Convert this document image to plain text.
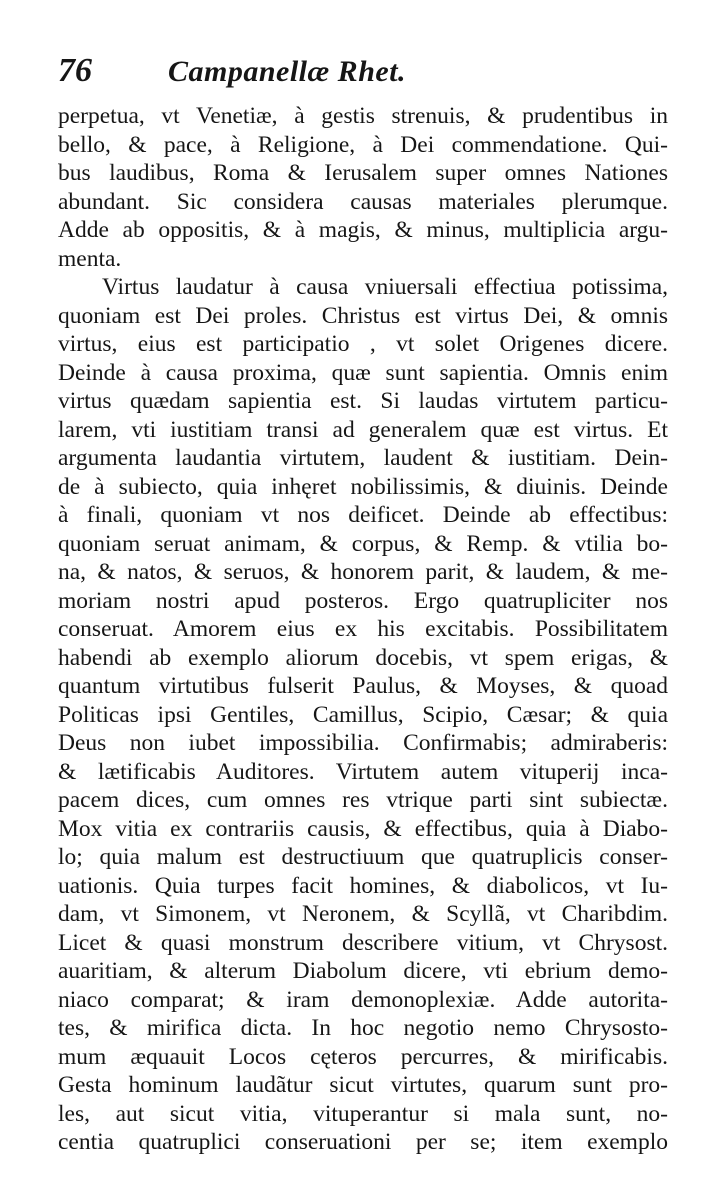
76	Campanellæ Rhet.
perpetua, vt Venetiæ, à gestis strenuis, & prudentibus in
bello, & pace, à Religione, à Dei commendatione. Qui-
bus laudibus, Roma & Ierusalem super omnes Nationes
abundant. Sic considera causas materiales plerumque.
Adde ab oppositis, & à magis, & minus, multiplicia argu-
menta.
Virtus laudatur à causa vniuersali effectiua potissima,
quoniam est Dei proles. Christus est virtus Dei, & omnis
virtus, eius est participatio , vt solet Origenes dicere.
Deinde à causa proxima, quæ sunt sapientia. Omnis enim
virtus quædam sapientia est. Si laudas virtutem particu-
larem, vti iustitiam transi ad generalem quæ est virtus. Et
argumenta laudantia virtutem, laudent & iustitiam. Dein-
de à subiecto, quia inhęret nobilissimis, & diuinis. Deinde
à finali, quoniam vt nos deificet. Deinde ab effectibus:
quoniam seruat animam, & corpus, & Remp. & vtilia bo-
na, & natos, & seruos, & honorem parit, & laudem, & me-
moriam nostri apud posteros. Ergo quatrupliciter nos
conseruat. Amorem eius ex his excitabis. Possibilitatem
habendi ab exemplo aliorum docebis, vt spem erigas, &
quantum virtutibus fulserit Paulus, & Moyses, & quoad
Politicas ipsi Gentiles, Camillus, Scipio, Cæsar; & quia
Deus non iubet impossibilia. Confirmabis; admiraberis:
& lætificabis Auditores. Virtutem autem vituperij inca-
pacem dices, cum omnes res vtrique parti sint subiectæ.
Mox vitia ex contrariis causis, & effectibus, quia à Diabo-
lo; quia malum est destructiuum que quatruplicis conser-
uationis. Quia turpes facit homines, & diabolicos, vt Iu-
dam, vt Simonem, vt Neronem, & Scyllã, vt Charibdim.
Licet & quasi monstrum describere vitium, vt Chrysost.
auaritiam, & alterum Diabolum dicere, vti ebrium demo-
niaco comparat; & iram demonoplexiæ. Adde autorita-
tes, & mirifica dicta. In hoc negotio nemo Chrysosto-
mum æquauit Locos cęteros percurres, & mirificabis.
Gesta hominum laudãtur sicut virtutes, quarum sunt pro-
les, aut sicut vitia, vituperantur si mala sunt, no-
centia quatruplici conseruationi per se; item exemplo
